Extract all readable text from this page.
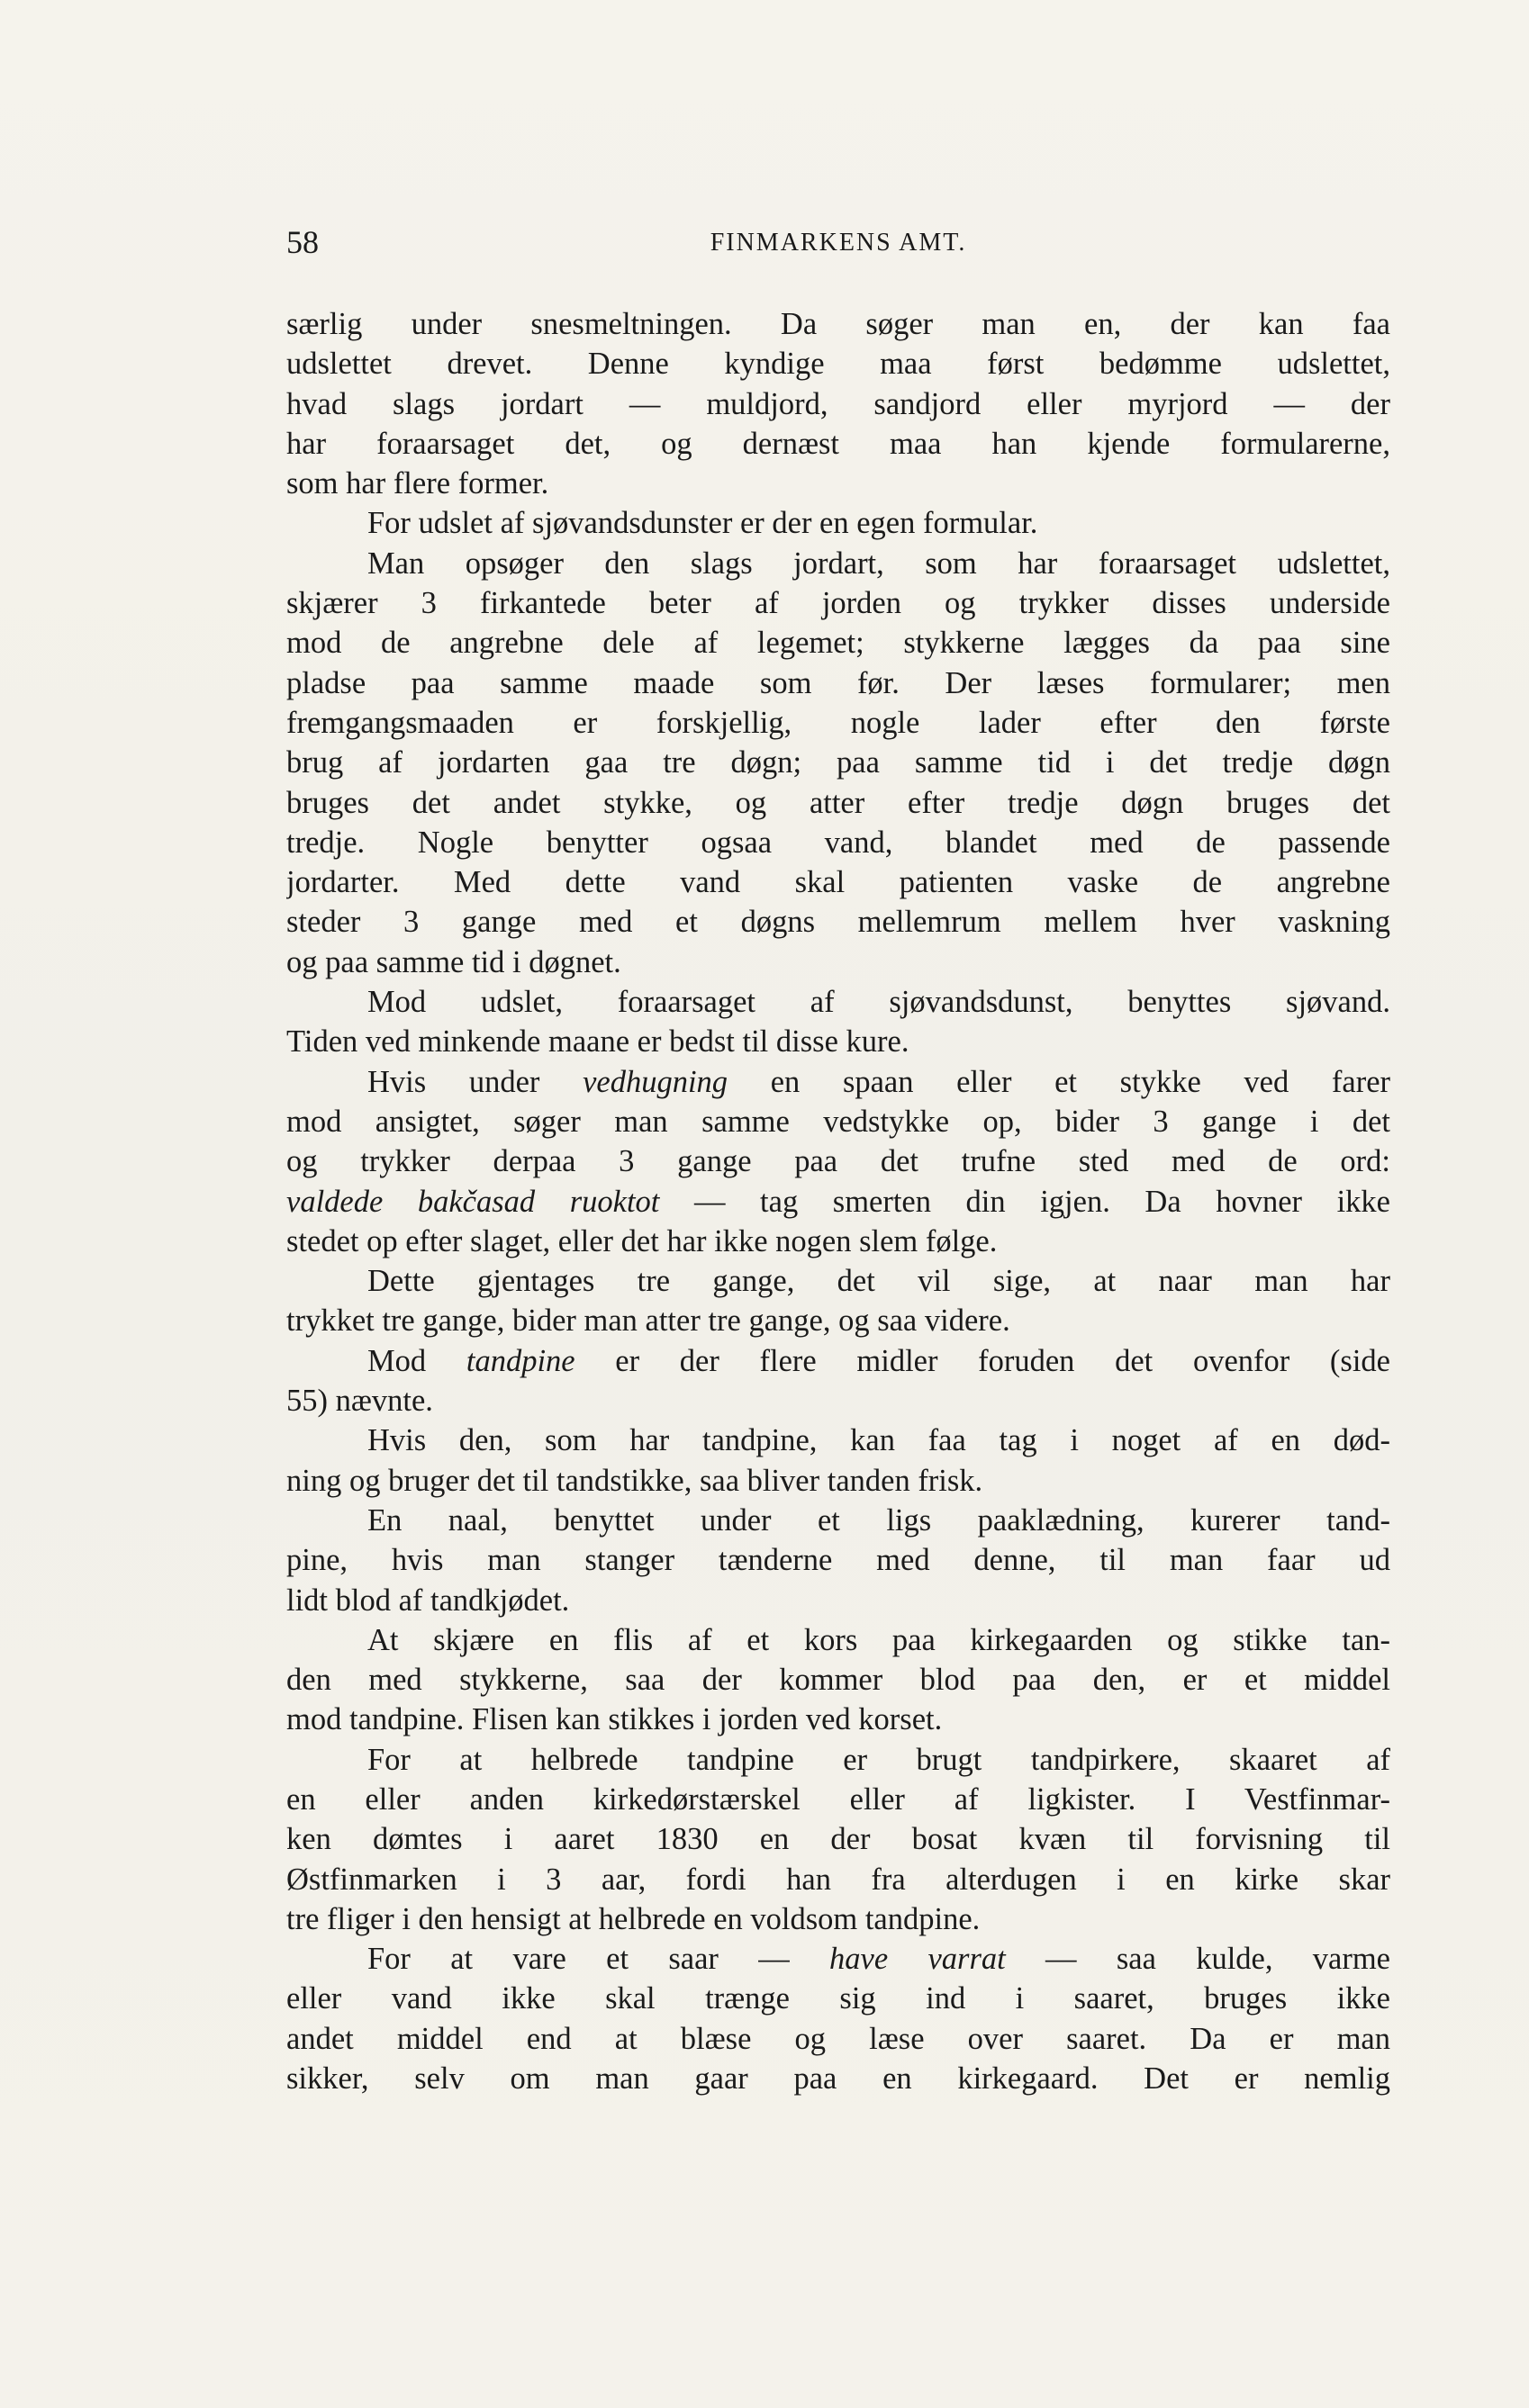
58	FINMARKENS AMT.
særlig under snesmeltningen. Da søger man en, der kan faa
udslettet drevet. Denne kyndige maa først bedømme udslettet,
hvad slags jordart — muldjord, sandjord eller myrjord — der
har foraarsaget det, og dernæst maa han kjende formularerne,
som har flere former.
For udslet af sjøvandsdunster er der en egen formular.
Man opsøger den slags jordart, som har foraarsaget udslettet,
skjærer 3 firkantede beter af jorden og trykker disses underside
mod de angrebne dele af legemet; stykkerne lægges da paa sine
pladse paa samme maade som før. Der læses formularer; men
fremgangsmaaden er forskjellig, nogle lader efter den første
brug af jordarten gaa tre døgn; paa samme tid i det tredje døgn
bruges det andet stykke, og atter efter tredje døgn bruges det
tredje. Nogle benytter ogsaa vand, blandet med de passende
jordarter. Med dette vand skal patienten vaske de angrebne
steder 3 gange med et døgns mellemrum mellem hver vaskning
og paa samme tid i døgnet.
Mod udslet, foraarsaget af sjøvandsdunst, benyttes sjøvand.
Tiden ved minkende maane er bedst til disse kure.
Hvis under vedhugning en spaan eller et stykke ved farer
mod ansigtet, søger man samme vedstykke op, bider 3 gange i det
og trykker derpaa 3 gange paa det trufne sted med de ord:
valdede bakčasad ruoktot — tag smerten din igjen. Da hovner ikke
stedet op efter slaget, eller det har ikke nogen slem følge.
Dette gjentages tre gange, det vil sige, at naar man har
trykket tre gange, bider man atter tre gange, og saa videre.
Mod tandpine er der flere midler foruden det ovenfor (side
55) nævnte.
Hvis den, som har tandpine, kan faa tag i noget af en død-
ning og bruger det til tandstikke, saa bliver tanden frisk.
En naal, benyttet under et ligs paaklædning, kurerer tand-
pine, hvis man stanger tænderne med denne, til man faar ud
lidt blod af tandkjødet.
At skjære en flis af et kors paa kirkegaarden og stikke tan-
den med stykkerne, saa der kommer blod paa den, er et middel
mod tandpine. Flisen kan stikkes i jorden ved korset.
For at helbrede tandpine er brugt tandpirkere, skaaret af
en eller anden kirkedørstærskel eller af ligkister. I Vestfinmar-
ken dømtes i aaret 1830 en der bosat kvæn til forvisning til
Østfinmarken i 3 aar, fordi han fra alterdugen i en kirke skar
tre fliger i den hensigt at helbrede en voldsom tandpine.
For at vare et saar — have varrat — saa kulde, varme
eller vand ikke skal trænge sig ind i saaret, bruges ikke
andet middel end at blæse og læse over saaret. Da er man
sikker, selv om man gaar paa en kirkegaard. Det er nemlig
